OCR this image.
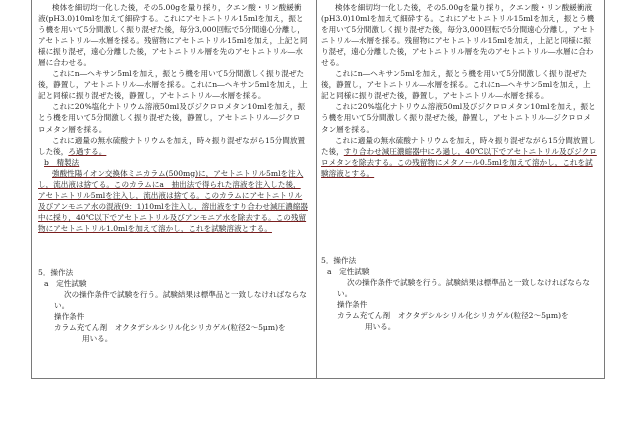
検体を細切均一化した後，その5.00gを量り採り，クエン酸・リン酸緩衝液(pH3.0)10mlを加えて細砕する。これにアセトニトリル15mlを加え，振とう機を用いて5分間激しく振り混ぜた後，毎分3,000回転で5分間遠心分離し，アセトニトリル―水層を採る。残留物にアセトニトリル15mlを加え，上記と同様に振り混ぜ，遠心分離した後，アセトニトリル層を先のアセトニトリル―水層に合わせる。

これにn―ヘキサン5mlを加え，振とう機を用いて5分間激しく振り混ぜた後，静置し，アセトニトリル―水層を採る。これにn―ヘキサン5mlを加え，上記と同様に振り混ぜた後，静置し，アセトニトリル―水層を採る。

これに20%塩化ナトリウム溶液50ml及びジクロロメタン10mlを加え，振とう機を用いて5分間激しく振り混ぜた後，静置し，アセトニトリル―ジクロロメタン層を採る。

これに適量の無水硫酸ナトリウムを加え，時々振り混ぜながら15分間放置した後，ろ過する。

b　精製法

強酸性陽イオン交換体ミニカラム(500mg)に，アセトニトリル5mlを注入し，流出液は捨てる。このカラムにa　抽出法で得られた溶液を注入した後，アセトニトリル5mlを注入し，流出液は捨てる。このカラムにアセトニトリル及びアンモニア水の混液(9：1)10mlを注入し，溶出液をすり合わせ減圧濃縮器中に採り，40℃以下でアセトニトリル及びアンモニア水を除去する。この残留物にアセトニトリル1.0mlを加えて溶かし，これを試験溶液とする。

5．操作法

a　定性試験

次の操作条件で試験を行う。試験結果は標準品と一致しなければならない。

操作条件

カラム充てん剤　 オクタデシルシリル化シリカゲル(粒径2～5μm)を

用いる。

検体を細切均一化した後，その5.00gを量り採り，クエン酸・リン酸緩衝液(pH3.0)10mlを加えて細砕する。これにアセトニトリル15mlを加え，振とう機を用いて5分間激しく振り混ぜた後，毎分3,000回転で5分間遠心分離し，アセトニトリル―水層を採る。残留物にアセトニトリル15mlを加え，上記と同様に振り混ぜ，遠心分離した後，アセトニトリル層を先のアセトニトリル―水層に合わせる。

これにn―ヘキサン5mlを加え，振とう機を用いて5分間激しく振り混ぜた後，静置し，アセトニトリル―水層を採る。これにn―ヘキサン5mlを加え，上記と同様に振り混ぜた後，静置し，アセトニトリル―水層を採る。

これに20%塩化ナトリウム溶液50ml及びジクロロメタン10mlを加え，振とう機を用いて5分間激しく振り混ぜた後，静置し，アセトニトリル―ジクロロメタン層を採る。

これに適量の無水硫酸ナトリウムを加え，時々振り混ぜながら15分間放置した後，すり合わせ減圧濃縮器中にろ過し，40℃以下でアセトニトリル及びジクロロメタンを除去する。この残留物にメタノール0.5mlを加えて溶かし，これを試験溶液とする。

5．操作法

a　定性試験

次の操作条件で試験を行う。試験結果は標準品と一致しなければならない。

操作条件

カラム充てん剤　 オクタデシルシリル化シリカゲル(粒径2～5μm)を

用いる。
